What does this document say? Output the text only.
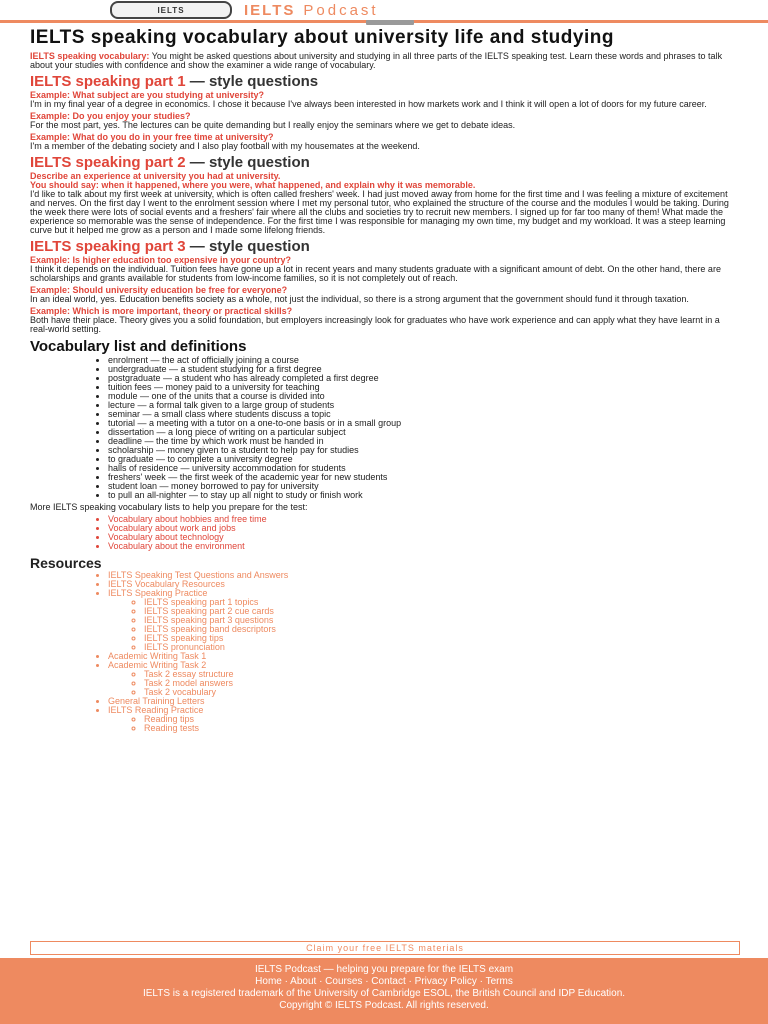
IELTS	IELTS Podcast
IELTS speaking vocabulary about university life and studying

IELTS speaking vocabulary: You might be asked questions about university and studying in all three parts of the IELTS speaking test. Learn these words and phrases to talk about your studies with confidence and show the examiner a wide range of vocabulary.

IELTS speaking part 1 — style questions
Example: What subject are you studying at university?

I'm in my final year of a degree in economics. I chose it because I've always been interested in how markets work and I think it will open a lot of doors for my future career.

Example: Do you enjoy your studies?

For the most part, yes. The lectures can be quite demanding but I really enjoy the seminars where we get to debate ideas.

Example: What do you do in your free time at university?

I'm a member of the debating society and I also play football with my housemates at the weekend.

IELTS speaking part 2 — style question
Describe an experience at university you had at university.
You should say: when it happened, where you were, what happened, and explain why it was memorable.

I'd like to talk about my first week at university, which is often called freshers' week. I had just moved away from home for the first time and I was feeling a mixture of excitement and nerves. On the first day I went to the enrolment session where I met my personal tutor, who explained the structure of the course and the modules I would be taking. During the week there were lots of social events and a freshers' fair where all the clubs and societies try to recruit new members. I signed up for far too many of them! What made the experience so memorable was the sense of independence. For the first time I was responsible for managing my own time, my budget and my workload. It was a steep learning curve but it helped me grow as a person and I made some lifelong friends.

IELTS speaking part 3 — style question
Example: Is higher education too expensive in your country?

I think it depends on the individual. Tuition fees have gone up a lot in recent years and many students graduate with a significant amount of debt. On the other hand, there are scholarships and grants available for students from low-income families, so it is not completely out of reach.

Example: Should university education be free for everyone?

In an ideal world, yes. Education benefits society as a whole, not just the individual, so there is a strong argument that the government should fund it through taxation.

Example: Which is more important, theory or practical skills?

Both have their place. Theory gives you a solid foundation, but employers increasingly look for graduates who have work experience and can apply what they have learnt in a real-world setting.

Vocabulary list and definitions
• enrolment — the act of officially joining a course
• undergraduate — a student studying for a first degree
• postgraduate — a student who has already completed a first degree
• tuition fees — money paid to a university for teaching
• module — one of the units that a course is divided into
• lecture — a formal talk given to a large group of students
• seminar — a small class where students discuss a topic
• tutorial — a meeting with a tutor on a one-to-one basis or in a small group
• dissertation — a long piece of writing on a particular subject
• deadline — the time by which work must be handed in
• scholarship — money given to a student to help pay for studies
• to graduate — to complete a university degree
• halls of residence — university accommodation for students
• freshers' week — the first week of the academic year for new students
• student loan — money borrowed to pay for university
• to pull an all-nighter — to stay up all night to study or finish work

More IELTS speaking vocabulary lists to help you prepare for the test:

• Vocabulary about hobbies and free time
• Vocabulary about work and jobs
• Vocabulary about technology
• Vocabulary about the environment
Resources
• IELTS Speaking Test Questions and Answers
• IELTS Vocabulary Resources
• IELTS Speaking Practice
◦ IELTS speaking part 1 topics
◦ IELTS speaking part 2 cue cards
◦ IELTS speaking part 3 questions
◦ IELTS speaking band descriptors
◦ IELTS speaking tips
◦ IELTS pronunciation
• Academic Writing Task 1
• Academic Writing Task 2
◦ Task 2 essay structure
◦ Task 2 model answers
◦ Task 2 vocabulary
• General Training Letters
• IELTS Reading Practice
◦ Reading tips
◦ Reading tests
Claim your free IELTS materials
IELTS Podcast — helping you prepare for the IELTS exam
Home · About · Courses · Contact · Privacy Policy · Terms
IELTS is a registered trademark of the University of Cambridge ESOL, the British Council and IDP Education.
Copyright © IELTS Podcast. All rights reserved.
